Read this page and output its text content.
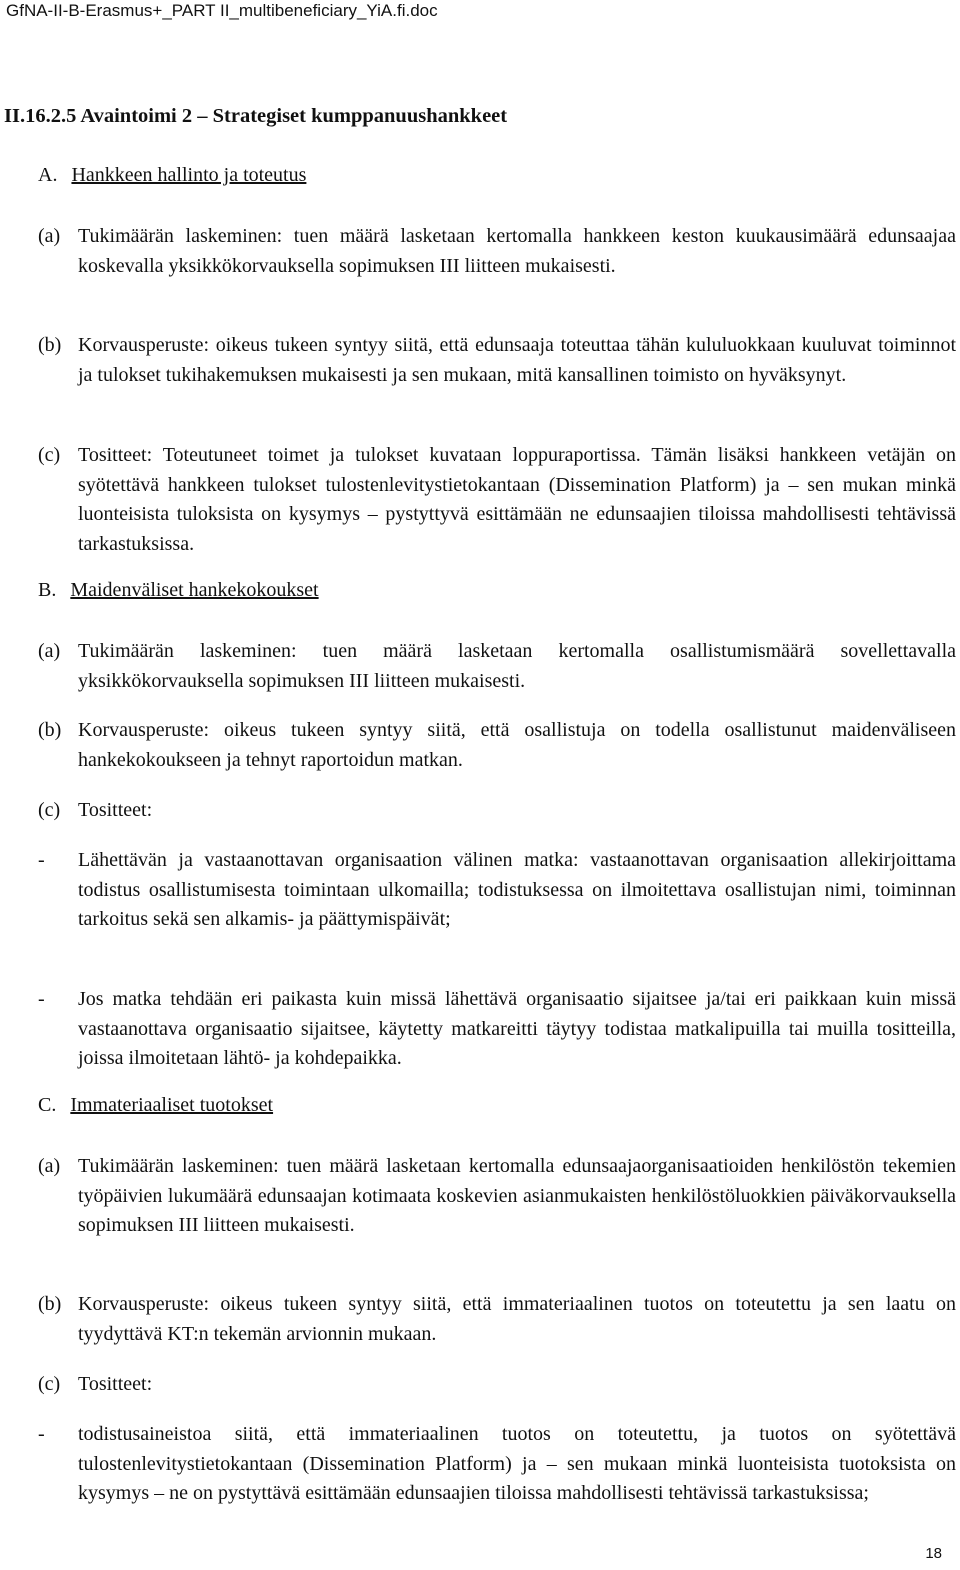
GfNA-II-B-Erasmus+_PART II_multibeneficiary_YiA.fi.doc
II.16.2.5 Avaintoimi 2 – Strategiset kumppanuushankkeet
A. Hankkeen hallinto ja toteutus
(a) Tukimäärän laskeminen: tuen määrä lasketaan kertomalla hankkeen keston kuukausimäärä edunsaajaa koskevalla yksikkökorvauksella sopimuksen III liitteen mukaisesti.
(b) Korvausperuste: oikeus tukeen syntyy siitä, että edunsaaja toteuttaa tähän kululuokkaan kuuluvat toiminnot ja tulokset tukihakemuksen mukaisesti ja sen mukaan, mitä kansallinen toimisto on hyväksynyt.
(c) Tositteet: Toteutuneet toimet ja tulokset kuvataan loppuraportissa. Tämän lisäksi hankkeen vetäjän on syötettävä hankkeen tulokset tulostenlevitystietokantaan (Dissemination Platform) ja – sen mukan minkä luonteisista tuloksista on kysymys – pystyttyvä esittämään ne edunsaajien tiloissa mahdollisesti tehtävissä tarkastuksissa.
B. Maidenväliset hankekokoukset
(a) Tukimäärän laskeminen: tuen määrä lasketaan kertomalla osallistumismäärä sovellettavalla yksikkökorvauksella sopimuksen III liitteen mukaisesti.
(b) Korvausperuste: oikeus tukeen syntyy siitä, että osallistuja on todella osallistunut maidenväliseen hankekokoukseen ja tehnyt raportoidun matkan.
(c) Tositteet:
-	Lähettävän ja vastaanottavan organisaation välinen matka: vastaanottavan organisaation allekirjoittama todistus osallistumisesta toimintaan ulkomailla; todistuksessa on ilmoitettava osallistujan nimi, toiminnan tarkoitus sekä sen alkamis- ja päättymispäivät;
-	Jos matka tehdään eri paikasta kuin missä lähettävä organisaatio sijaitsee ja/tai eri paikkaan kuin missä vastaanottava organisaatio sijaitsee, käytetty matkareitti täytyy todistaa matkalipuilla tai muilla tositteilla, joissa ilmoitetaan lähtö- ja kohdepaikka.
C. Immateriaaliset tuotokset
(a) Tukimäärän laskeminen: tuen määrä lasketaan kertomalla edunsaajaorganisaatioiden henkilöstön tekemien työpäivien lukumäärä edunsaajan kotimaata koskevien asianmukaisten henkilöstöluokkien päiväkorvauksella sopimuksen III liitteen mukaisesti.
(b) Korvausperuste: oikeus tukeen syntyy siitä, että immateriaalinen tuotos on toteutettu ja sen laatu on tyydyttävä KT:n tekemän arvionnin mukaan.
(c) Tositteet:
-	todistusaineistoa siitä, että immateriaalinen tuotos on toteutettu, ja tuotos on syötettävä tulostenlevitystietokantaan (Dissemination Platform) ja – sen mukaan minkä luonteisista tuotoksista on kysymys – ne on pystyttävä esittämään edunsaajien tiloissa mahdollisesti tehtävissä tarkastuksissa;
18
